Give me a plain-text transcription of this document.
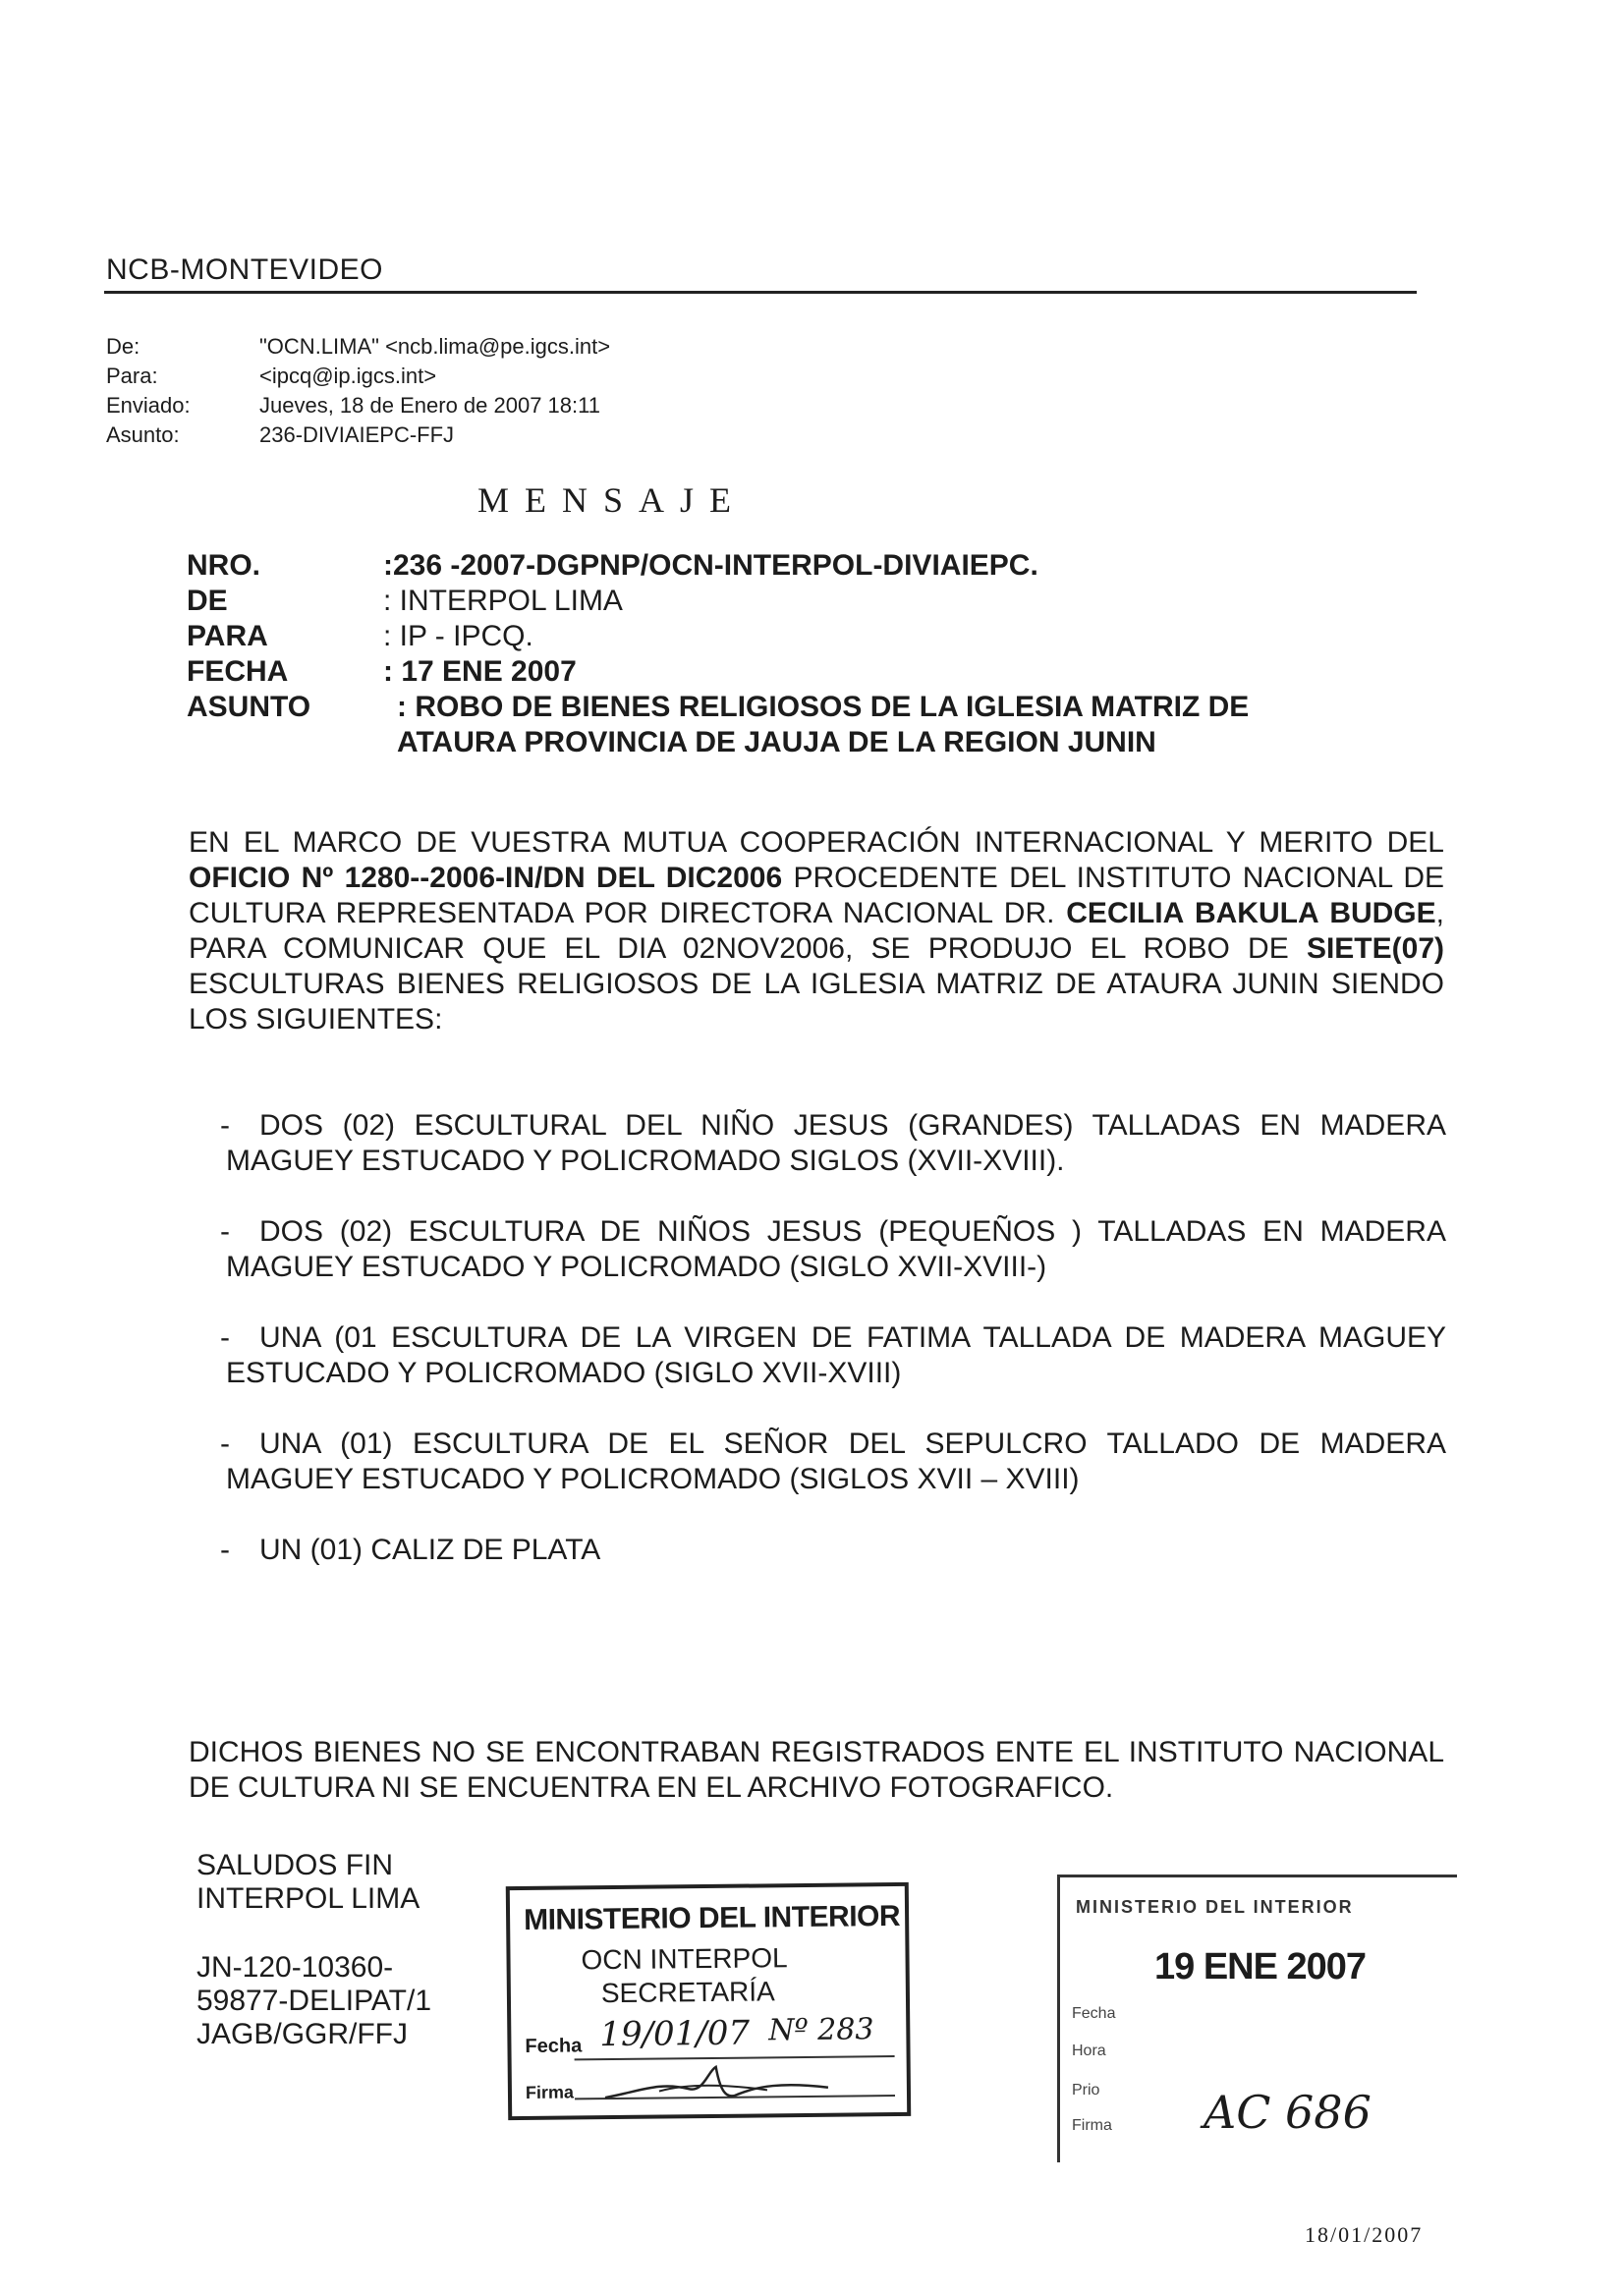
NCB-MONTEVIDEO
De:	"OCN.LIMA" <ncb.lima@pe.igcs.int>
Para:	<ipcq@ip.igcs.int>
Enviado:	Jueves, 18 de Enero de 2007 18:11
Asunto:	236-DIVIAIEPC-FFJ
MENSAJE
NRO.	:236 -2007-DGPNP/OCN-INTERPOL-DIVIAIEPC.
DE	: INTERPOL LIMA
PARA	: IP - IPCQ.
FECHA	: 17 ENE 2007
ASUNTO	: ROBO DE BIENES RELIGIOSOS DE LA IGLESIA MATRIZ DE
ATAURA PROVINCIA DE JAUJA DE LA REGION JUNIN
EN EL MARCO DE VUESTRA MUTUA COOPERACIÓN INTERNACIONAL Y MERITO DEL OFICIO Nº 1280--2006-IN/DN DEL DIC2006 PROCEDENTE DEL INSTITUTO NACIONAL DE CULTURA REPRESENTADA POR DIRECTORA NACIONAL DR. CECILIA BAKULA BUDGE, PARA COMUNICAR QUE EL DIA 02NOV2006, SE PRODUJO EL ROBO DE SIETE(07) ESCULTURAS BIENES RELIGIOSOS DE LA IGLESIA MATRIZ DE ATAURA JUNIN SIENDO LOS SIGUIENTES:
- DOS (02) ESCULTURAL DEL NIÑO JESUS (GRANDES) TALLADAS EN MADERA MAGUEY ESTUCADO Y POLICROMADO SIGLOS (XVII-XVIII).
- DOS (02) ESCULTURA DE NIÑOS JESUS (PEQUEÑOS ) TALLADAS EN MADERA MAGUEY ESTUCADO Y POLICROMADO (SIGLO XVII-XVIII-)
- UNA (01 ESCULTURA DE LA VIRGEN DE FATIMA TALLADA DE MADERA MAGUEY ESTUCADO Y POLICROMADO (SIGLO XVII-XVIII)
- UNA (01) ESCULTURA DE EL SEÑOR DEL SEPULCRO TALLADO DE MADERA MAGUEY ESTUCADO Y POLICROMADO (SIGLOS XVII – XVIII)
- UN (01) CALIZ DE PLATA
DICHOS BIENES NO SE ENCONTRABAN REGISTRADOS ENTE EL INSTITUTO NACIONAL DE CULTURA NI SE ENCUENTRA EN EL ARCHIVO FOTOGRAFICO.
SALUDOS FIN
INTERPOL LIMA
JN-120-10360-
59877-DELIPAT/1
JAGB/GGR/FFJ
MINISTERIO DEL INTERIOR
OCN INTERPOL
SECRETARÍA
Fecha 19/01/07 Nº 283
Firma
MINISTERIO DEL INTERIOR
19 ENE 2007
Fecha
Hora
Prio
Firma AC 686
18/01/2007
